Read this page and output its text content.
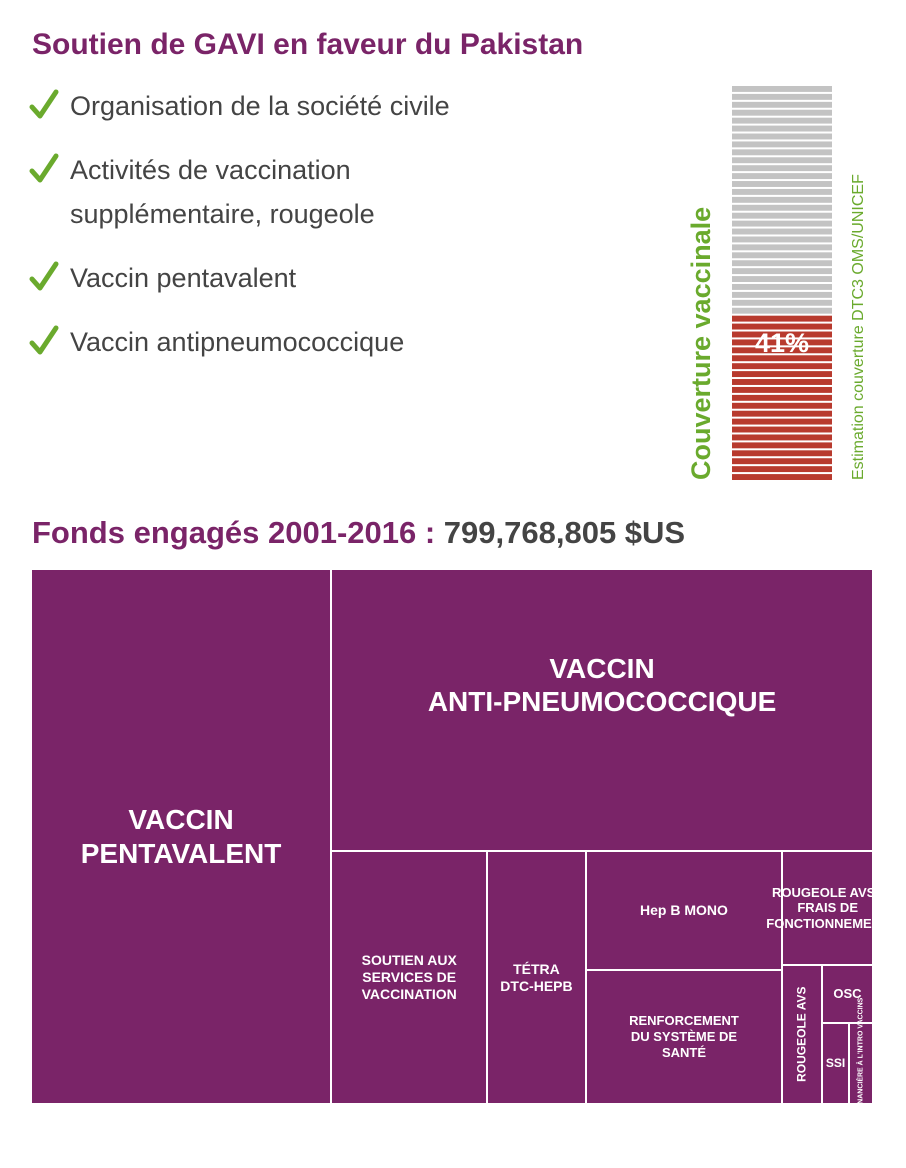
Soutien de GAVI en faveur du Pakistan
Organisation de la société civile
Activités de vaccination supplémentaire, rougeole
Vaccin pentavalent
Vaccin antipneumococcique	Couverture vaccinale 41%	Estimation couverture DTC3 OMS/UNICEF
Fonds engagés 2001-2016 : 799,768,805 $US
VACCIN
PENTAVALENT
VACCIN
ANTI-PNEUMOCOCCIQUE
SOUTIEN AUX
SERVICES DE
VACCINATION
TÉTRA
DTC-HEPB
Hep B MONO
RENFORCEMENT
DU SYSTÈME DE
SANTÉ
ROUGEOLE AVS -
FRAIS DE
FONCTIONNEMENT
ROUGEOLE AVS OSC
SSI AIDE FINANCIÈRE À L'INTRO VACCINS
